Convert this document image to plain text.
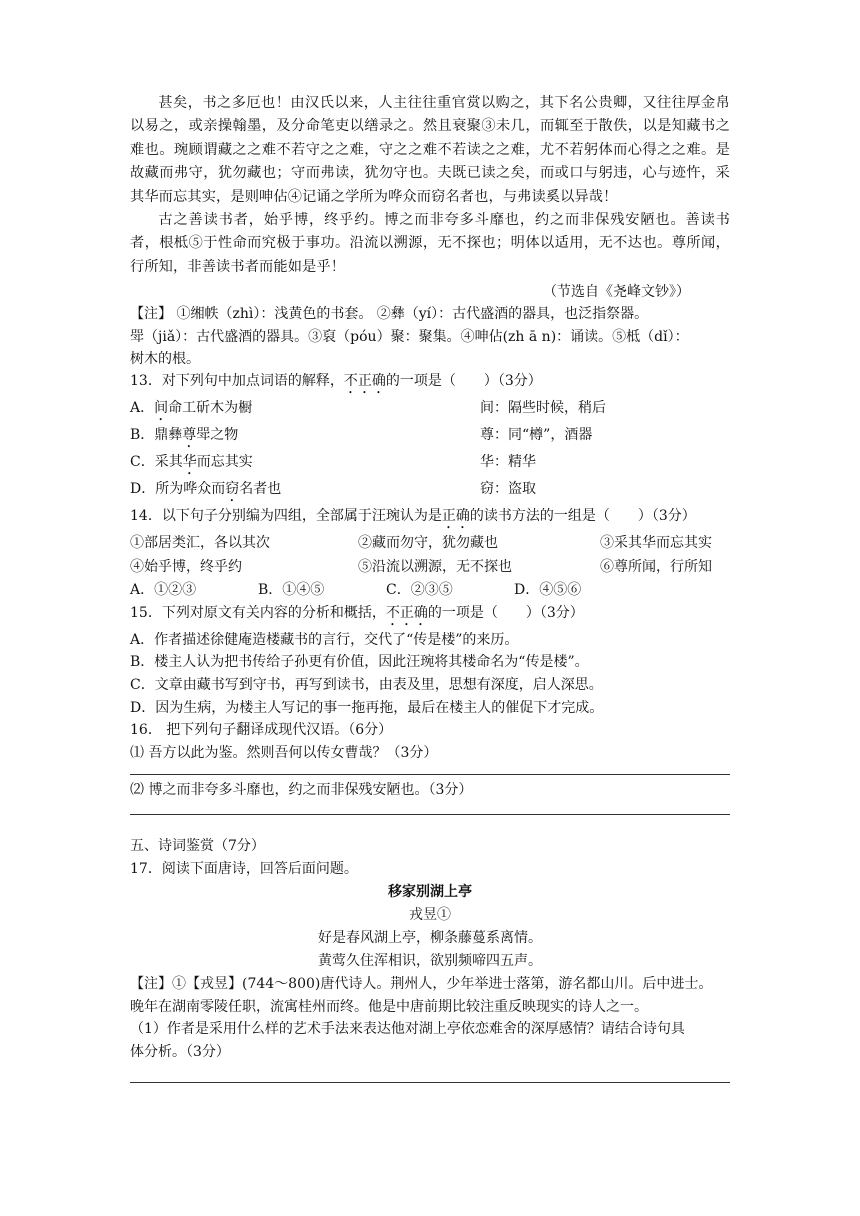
甚矣，书之多厄也！由汉氏以来，人主往往重官赏以购之，其下名公贵卿，又往往厚金帛以易之，或亲操翰墨，及分命笔吏以缮录之。然且衰聚③未几，而辄至于散佚，以是知藏书之难也。琬顾谓藏之之难不若守之之难，守之之难不若读之之难，尤不若躬体而心得之之难。是故藏而弗守，犹勿藏也；守而弗读，犹勿守也。夫既已读之矣，而或口与躬违，心与迹忤，采其华而忘其实，是则呻佔④记诵之学所为哗众而窃名者也，与弗读奚以异哉！

古之善读书者，始乎博，终乎约。博之而非夸多斗靡也，约之而非保残安陋也。善读书者，根柢⑤于性命而究极于事功。沿流以溯源，无不探也；明体以适用，无不达也。尊所闻，行所知，非善读书者而能如是乎！

（节选自《尧峰文钞》）

【注】 ①缃帙（zhì）：浅黄色的书套。 ②彝（yí）：古代盛酒的器具，也泛指祭器。

斝（jiǎ）：古代盛酒的器具。③裒（póu）聚：聚集。④呻佔(zh ā n)：诵读。⑤柢（dǐ）：

树木的根。

13．对下列句中加点词语的解释，不正确的一项是（　　）（3分）

A．间命工斫木为橱	间：隔些时候，稍后
B．鼎彝尊斝之物	尊：同“樽”，酒器
C．采其华而忘其实	华：精华
D．所为哗众而窃名者也	窃：盗取

14．以下句子分别编为四组，全部属于汪琬认为是正确的读书方法的一组是（　　）（3分）

①部居类汇，各以其次	②藏而勿守，犹勿藏也	③采其华而忘其实
④始乎博，终乎约	⑤沿流以溯源，无不探也	⑥尊所闻，行所知
A．①②③	B．①④⑤	C．②③⑤	D．④⑤⑥

15．下列对原文有关内容的分析和概括，不正确的一项是（　　）（3分）

A．作者描述徐健庵造楼藏书的言行，交代了“传是楼”的来历。

B．楼主人认为把书传给子孙更有价值，因此汪琬将其楼命名为“传是楼”。

C．文章由藏书写到守书，再写到读书，由表及里，思想有深度，启人深思。

D．因为生病，为楼主人写记的事一拖再拖，最后在楼主人的催促下才完成。

16． 把下列句子翻译成现代汉语。（6分）

⑴ 吾方以此为鉴。然则吾何以传女曹哉？（3分）

⑵ 博之而非夸多斗靡也，约之而非保残安陋也。（3分）

五、诗词鉴赏（7分）

17．阅读下面唐诗，回答后面问题。

移家别湖上亭

戎昱①

好是春风湖上亭，柳条藤蔓系离情。

黄莺久住浑相识，欲别频啼四五声。

【注】①【戎昱】(744～800)唐代诗人。荆州人，少年举进士落第，游名都山川。后中进士。

晚年在湖南零陵任职，流寓桂州而终。他是中唐前期比较注重反映现实的诗人之一。

（1）作者是采用什么样的艺术手法来表达他对湖上亭依恋难舍的深厚感情？请结合诗句具

体分析。（3分）
